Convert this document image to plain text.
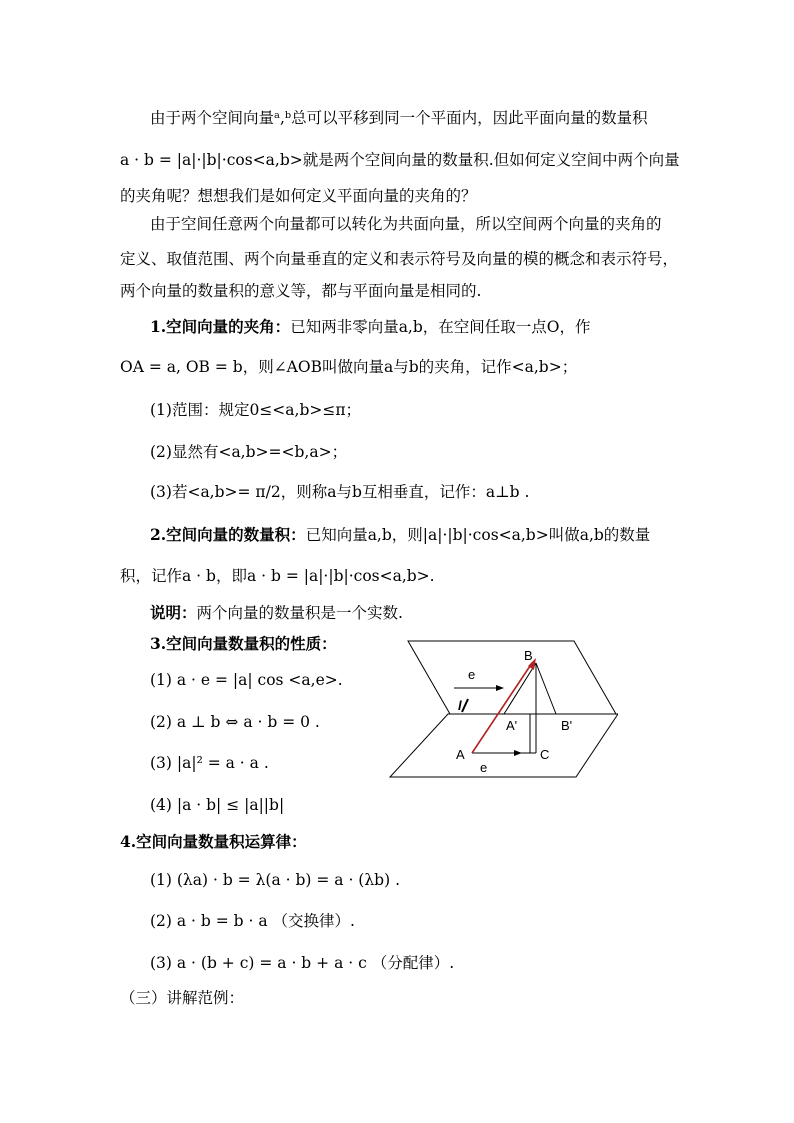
由于两个空间向量ᵃ,ᵇ总可以平移到同一个平面内，因此平面向量的数量积
a · b = |a|·|b|·cos<a,b>就是两个空间向量的数量积.但如何定义空间中两个向量
的夹角呢？想想我们是如何定义平面向量的夹角的？
由于空间任意两个向量都可以转化为共面向量，所以空间两个向量的夹角的
定义、取值范围、两个向量垂直的定义和表示符号及向量的模的概念和表示符号，
两个向量的数量积的意义等，都与平面向量是相同的.
1.空间向量的夹角：已知两非零向量a,b，在空间任取一点O，作
OA = a, OB = b，则∠AOB叫做向量a与b的夹角，记作<a,b>；
(1)范围：规定0≤<a,b>≤π；
(2)显然有<a,b>=<b,a>；
(3)若<a,b>= π/2，则称a与b互相垂直，记作：a⊥b .
2.空间向量的数量积：已知向量a,b，则|a|·|b|·cos<a,b>叫做a,b的数量
积，记作a · b，即a · b = |a|·|b|·cos<a,b>.
说明：两个向量的数量积是一个实数.
3.空间向量数量积的性质：
(1) a · e = |a| cos <a,e>.
(2) a ⊥ b ⇔ a · b = 0 .
(3) |a|² = a · a .
(4) |a · b| ≤ |a||b|
B
e
l
A'	B'
A	C
e
4.空间向量数量积运算律：
(1) (λa) · b = λ(a · b) = a · (λb) .
(2) a · b = b · a （交换律）.
(3) a · (b + c) = a · b + a · c （分配律）.
（三）讲解范例：
